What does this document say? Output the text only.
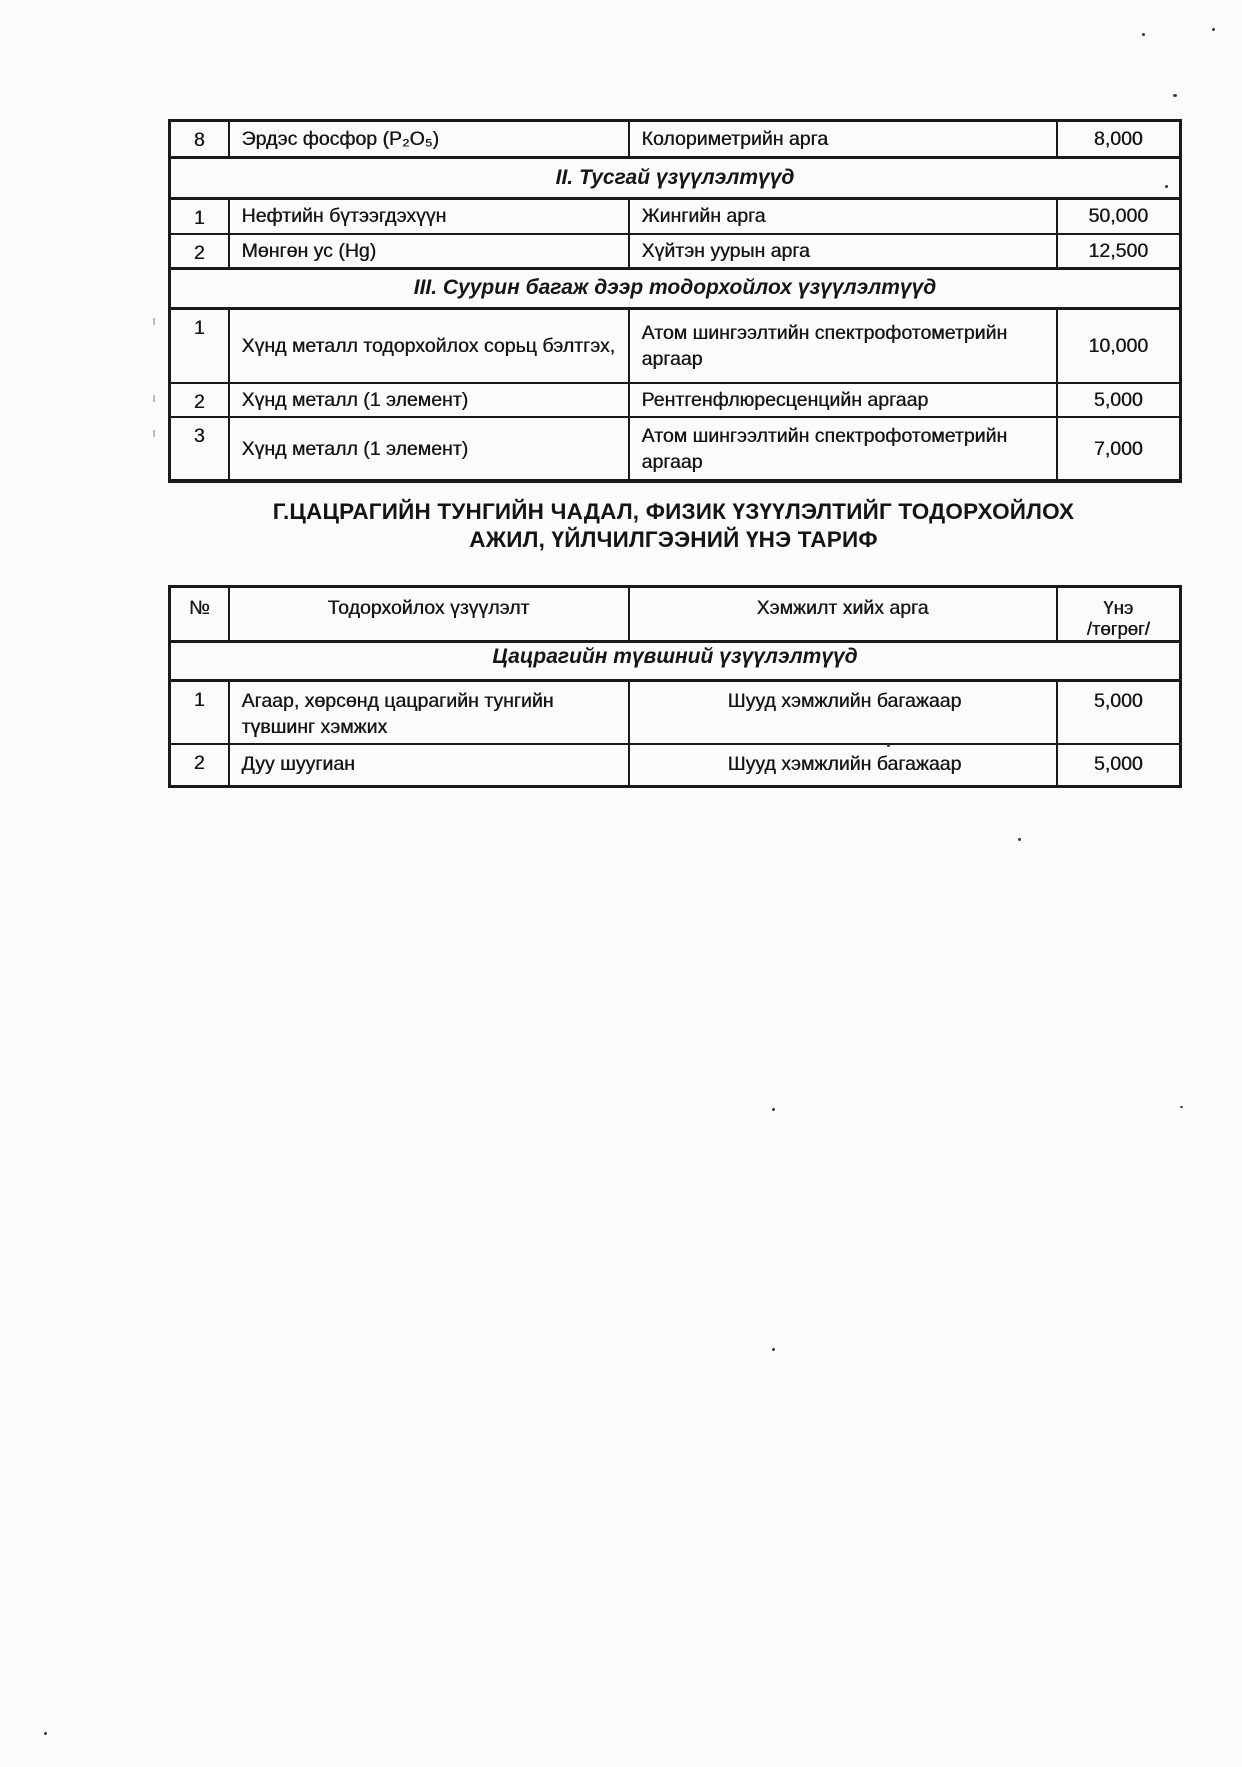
8	Эрдэс фосфор (P₂O₅)	Колориметрийн арга	8,000
II. Тусгай үзүүлэлтүүд			
1	Нефтийн бүтээгдэхүүн	Жингийн арга	50,000
2	Мөнгөн ус (Hg)	Хүйтэн уурын арга	12,500
III. Суурин багаж дээр тодорхойлох үзүүлэлтүүд			
1	Хүнд металл тодорхойлох сорьц бэлтгэх,	Атом шингээлтийн спектрофотометрийн аргаар	10,000
2	Хүнд металл (1 элемент)	Рентгенфлюресценцийн аргаар	5,000
3	Хүнд металл (1 элемент)	Атом шингээлтийн спектрофотометрийн аргаар	7,000
Г.ЦАЦРАГИЙН ТУНГИЙН ЧАДАЛ, ФИЗИК ҮЗҮҮЛЭЛТИЙГ ТОДОРХОЙЛОХ
АЖИЛ, ҮЙЛЧИЛГЭЭНИЙ ҮНЭ ТАРИФ
№	Тодорхойлох үзүүлэлт	Хэмжилт хийх арга	Үнэ
/төгрөг/

Цацрагийн түвшний үзүүлэлтүүд			
1	Агаар, хөрсөнд цацрагийн тунгийн түвшинг хэмжих	Шууд хэмжлийн багажаар	5,000
2	Дуу шуугиан	Шууд хэмжлийн багажаар	5,000
